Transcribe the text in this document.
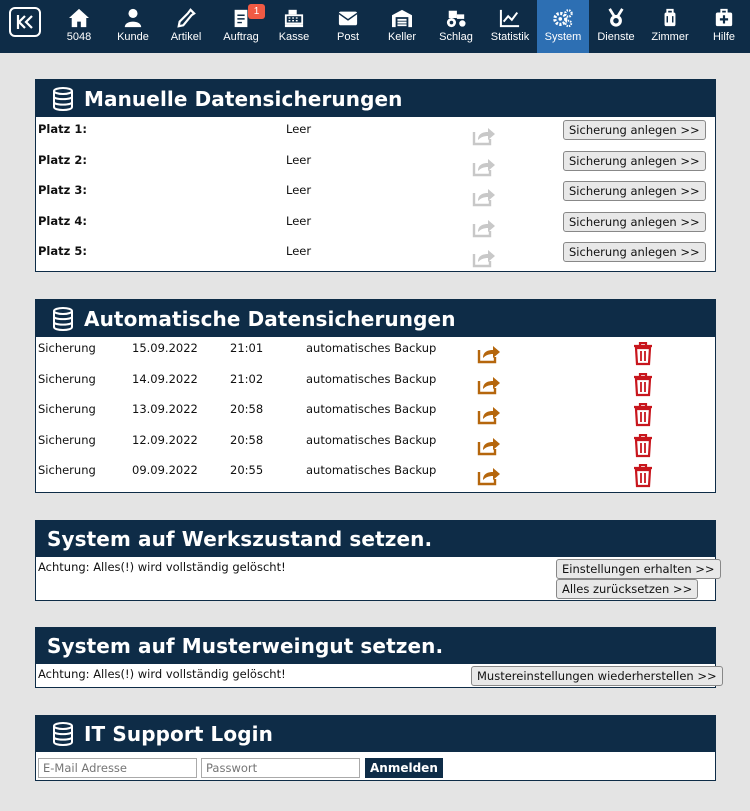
5048 Kunde Artikel
1
Auftrag Kasse	Post	Keller Schlag Statistik System Dienste Zimmer Hilfe
Manuelle Datensicherungen
Platz 1:	Leer	Sicherung anlegen >>
Platz 2:	Leer	Sicherung anlegen >>
Platz 3:	Leer	Sicherung anlegen >>
Platz 4:	Leer	Sicherung anlegen >>
Platz 5:	Leer	Sicherung anlegen >>
Automatische Datensicherungen
Sicherung	15.09.2022	21:01	automatisches Backup
Sicherung	14.09.2022	21:02	automatisches Backup
Sicherung	13.09.2022	20:58	automatisches Backup
Sicherung	12.09.2022	20:58	automatisches Backup
Sicherung	09.09.2022	20:55	automatisches Backup
System auf Werkszustand setzen.
Achtung: Alles(!) wird vollständig gelöscht!	Einstellungen erhalten >>
Alles zurücksetzen >>
System auf Musterweingut setzen.
Achtung: Alles(!) wird vollständig gelöscht!	Mustereinstellungen wiederherstellen >>
IT Support Login
E-Mail Adresse
Anmelden
